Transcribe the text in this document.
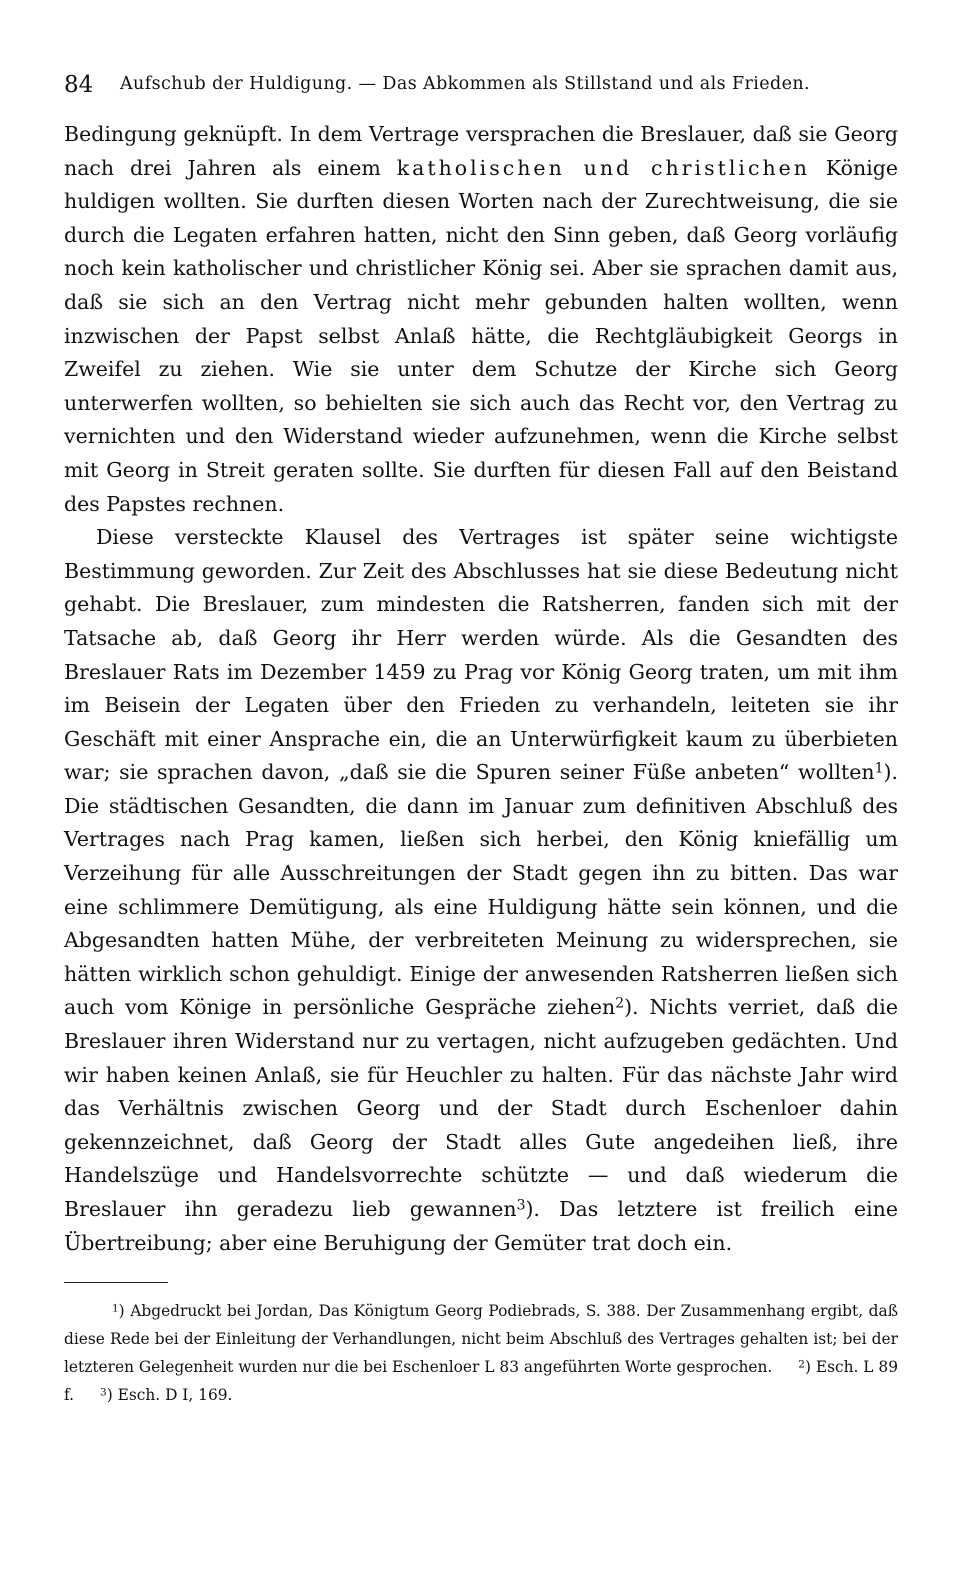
84 Aufschub der Huldigung. — Das Abkommen als Stillstand und als Frieden.

Bedingung geknüpft. In dem Vertrage versprachen die Breslauer, daß sie Georg nach drei Jahren als einem katholischen und christlichen Könige huldigen wollten. Sie durften diesen Worten nach der Zurechtweisung, die sie durch die Legaten erfahren hatten, nicht den Sinn geben, daß Georg vorläufig noch kein katholischer und christlicher König sei. Aber sie sprachen damit aus, daß sie sich an den Vertrag nicht mehr gebunden halten wollten, wenn inzwischen der Papst selbst Anlaß hätte, die Rechtgläubigkeit Georgs in Zweifel zu ziehen. Wie sie unter dem Schutze der Kirche sich Georg unterwerfen wollten, so behielten sie sich auch das Recht vor, den Vertrag zu vernichten und den Widerstand wieder aufzunehmen, wenn die Kirche selbst mit Georg in Streit geraten sollte. Sie durften für diesen Fall auf den Beistand des Papstes rechnen.

Diese versteckte Klausel des Vertrages ist später seine wichtigste Bestimmung geworden. Zur Zeit des Abschlusses hat sie diese Bedeutung nicht gehabt. Die Breslauer, zum mindesten die Ratsherren, fanden sich mit der Tatsache ab, daß Georg ihr Herr werden würde. Als die Gesandten des Breslauer Rats im Dezember 1459 zu Prag vor König Georg traten, um mit ihm im Beisein der Legaten über den Frieden zu verhandeln, leiteten sie ihr Geschäft mit einer Ansprache ein, die an Unterwürfigkeit kaum zu überbieten war; sie sprachen davon, „daß sie die Spuren seiner Füße anbeten“ wollten$^1$). Die städtischen Gesandten, die dann im Januar zum definitiven Abschluß des Vertrages nach Prag kamen, ließen sich herbei, den König kniefällig um Verzeihung für alle Ausschreitungen der Stadt gegen ihn zu bitten. Das war eine schlimmere Demütigung, als eine Huldigung hätte sein können, und die Abgesandten hatten Mühe, der verbreiteten Meinung zu widersprechen, sie hätten wirklich schon gehuldigt. Einige der anwesenden Ratsherren ließen sich auch vom Könige in persönliche Gespräche ziehen$^2$). Nichts verriet, daß die Breslauer ihren Widerstand nur zu vertagen, nicht aufzugeben gedächten. Und wir haben keinen Anlaß, sie für Heuchler zu halten. Für das nächste Jahr wird das Verhältnis zwischen Georg und der Stadt durch Eschenloer dahin gekennzeichnet, daß Georg der Stadt alles Gute angedeihen ließ, ihre Handelszüge und Handelsvorrechte schützte — und daß wiederum die Breslauer ihn geradezu lieb gewannen$^3$). Das letztere ist freilich eine Übertreibung; aber eine Beruhigung der Gemüter trat doch ein.

$^1$) Abgedruckt bei Jordan, Das Königtum Georg Podiebrads, S. 388. Der Zusammenhang ergibt, daß diese Rede bei der Einleitung der Verhandlungen, nicht beim Abschluß des Vertrages gehalten ist; bei der letzteren Gelegenheit wurden nur die bei Eschenloer L 83 angeführten Worte gesprochen. $^2$) Esch. L 89 f. $^3$) Esch. D I, 169.
